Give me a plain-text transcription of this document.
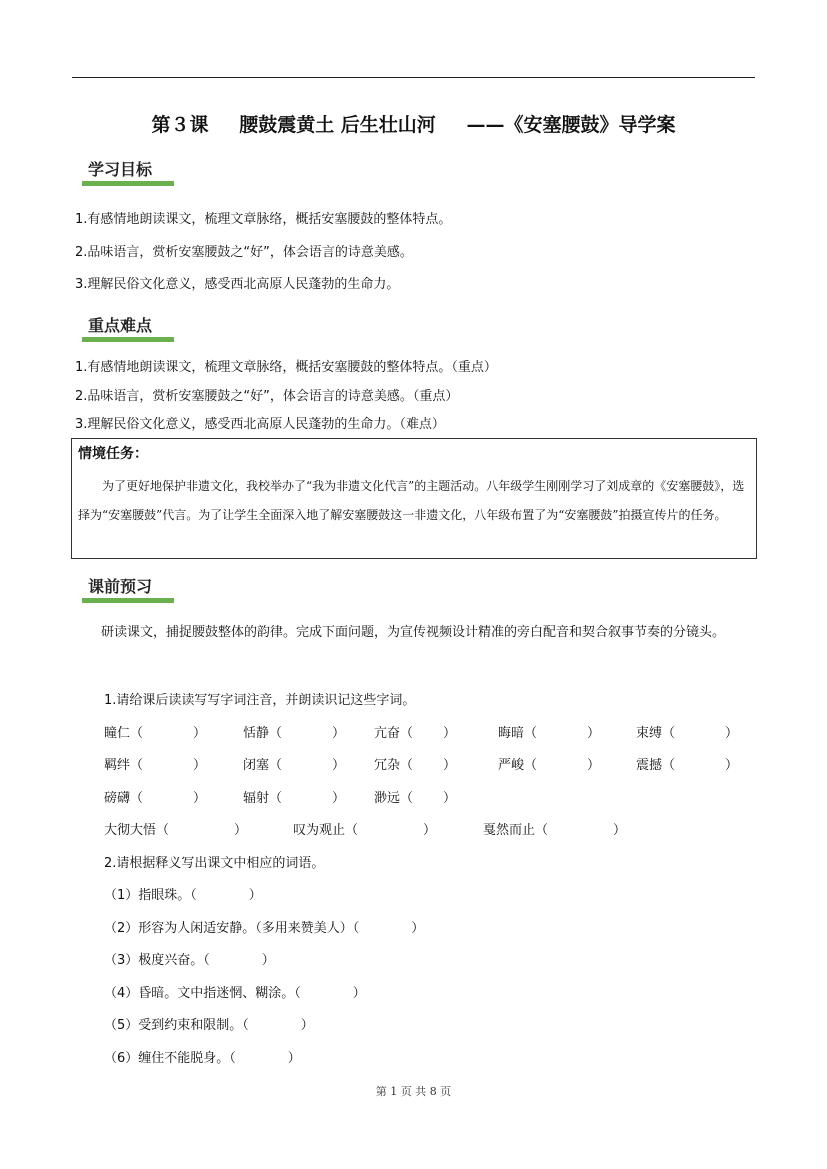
第３课 腰鼓震黄土 后生壮山河 ——《安塞腰鼓》导学案
学习目标
1.有感情地朗读课文，梳理文章脉络，概括安塞腰鼓的整体特点。
2.品味语言，赏析安塞腰鼓之“好”，体会语言的诗意美感。
3.理解民俗文化意义，感受西北高原人民蓬勃的生命力。
重点难点
1.有感情地朗读课文，梳理文章脉络，概括安塞腰鼓的整体特点。（重点）
2.品味语言，赏析安塞腰鼓之“好”，体会语言的诗意美感。（重点）
3.理解民俗文化意义，感受西北高原人民蓬勃的生命力。（难点）
情境任务：
为了更好地保护非遗文化，我校举办了“我为非遗文化代言”的主题活动。八年级学生刚刚学习了刘成章的《安塞腰鼓》，选择为“安塞腰鼓”代言。为了让学生全面深入地了解安塞腰鼓这一非遗文化，八年级布置了为“安塞腰鼓”拍摄宣传片的任务。
课前预习
研读课文，捕捉腰鼓整体的韵律。完成下面问题，为宣传视频设计精准的旁白配音和契合叙事节奏的分镜头。
1.请给课后读读写写字词注音，并朗读识记这些字词。
瞳仁（	）	恬静（	） 亢奋（ ）	晦暗（	）	束缚（	）
羁绊（	）	闭塞（	） 冗杂（ ）	严峻（	）	震撼（	）
磅礴（	）	辐射（	） 渺远（ ）
大彻大悟（	）	叹为观止（	）	戛然而止（	）
2.请根据释义写出课文中相应的词语。
（1）指眼珠。（　　　　）
（2）形容为人闲适安静。（多用来赞美人）（　　　　）
（3）极度兴奋。（　　　　）
（4）昏暗。文中指迷惘、糊涂。（　　　　）
（5）受到约束和限制。（　　　　）
（6）缠住不能脱身。（　　　　）
第 1 页 共 8 页
